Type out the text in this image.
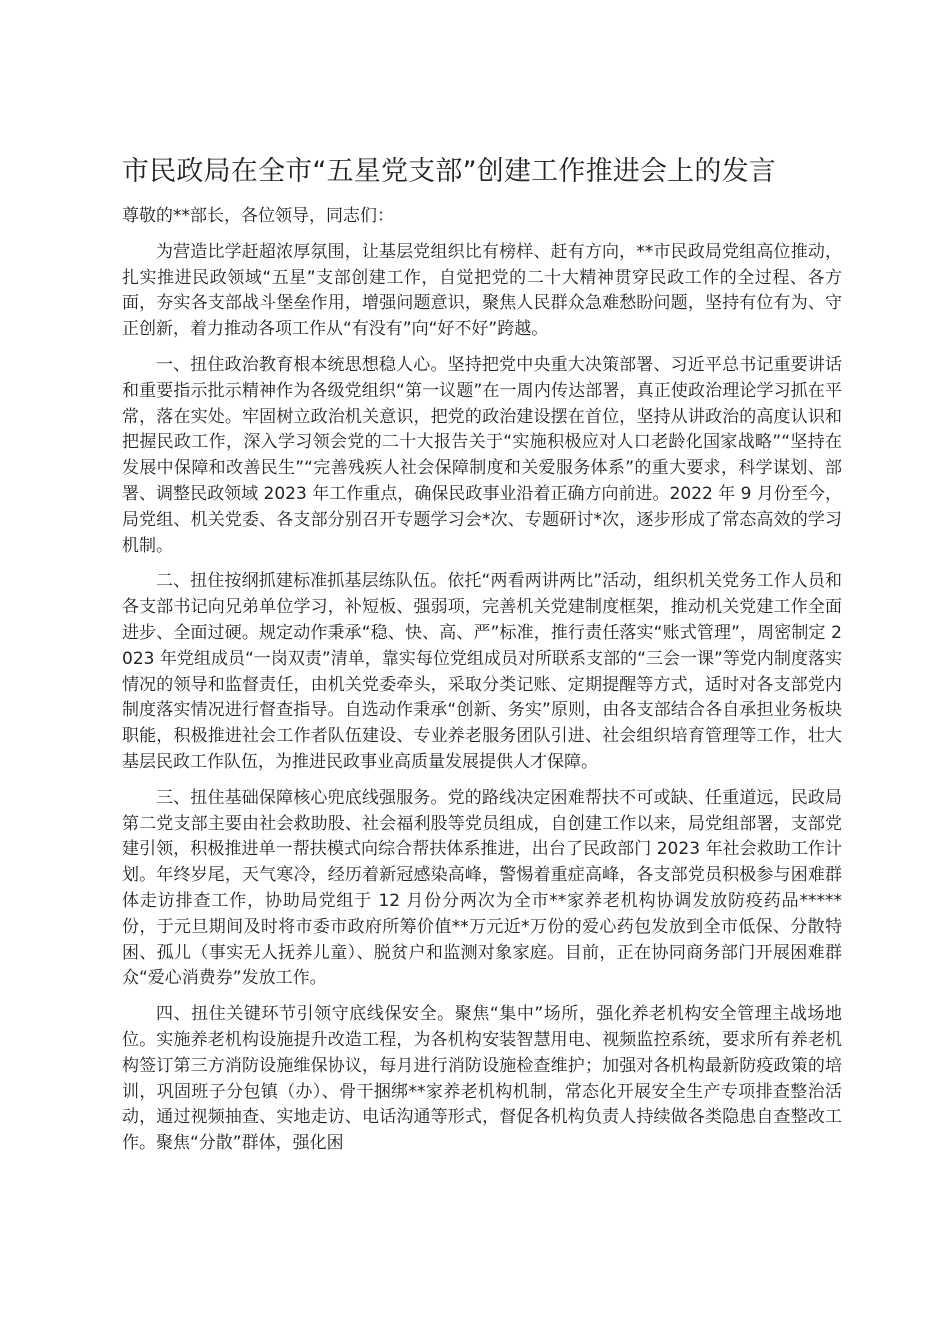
市民政局在全市“五星党支部”创建工作推进会上的发言

尊敬的**部长，各位领导，同志们：

为营造比学赶超浓厚氛围，让基层党组织比有榜样、赶有方向，**市民政局党组高位推动，扎实推进民政领域“五星”支部创建工作，自觉把党的二十大精神贯穿民政工作的全过程、各方面，夯实各支部战斗堡垒作用，增强问题意识，聚焦人民群众急难愁盼问题，坚持有位有为、守正创新，着力推动各项工作从“有没有”向“好不好”跨越。

一、扭住政治教育根本统思想稳人心。坚持把党中央重大决策部署、习近平总书记重要讲话和重要指示批示精神作为各级党组织“第一议题”在一周内传达部署，真正使政治理论学习抓在平常，落在实处。牢固树立政治机关意识，把党的政治建设摆在首位，坚持从讲政治的高度认识和把握民政工作，深入学习领会党的二十大报告关于“实施积极应对人口老龄化国家战略”“坚持在发展中保障和改善民生”“完善残疾人社会保障制度和关爱服务体系”的重大要求，科学谋划、部署、调整民政领域 2023 年工作重点，确保民政事业沿着正确方向前进。2022 年 9 月份至今，局党组、机关党委、各支部分别召开专题学习会*次、专题研讨*次，逐步形成了常态高效的学习机制。

二、扭住按纲抓建标准抓基层练队伍。依托“两看两讲两比”活动，组织机关党务工作人员和各支部书记向兄弟单位学习，补短板、强弱项，完善机关党建制度框架，推动机关党建工作全面进步、全面过硬。规定动作秉承“稳、快、高、严”标准，推行责任落实“账式管理”，周密制定 2023 年党组成员“一岗双责”清单，靠实每位党组成员对所联系支部的“三会一课”等党内制度落实情况的领导和监督责任，由机关党委牵头，采取分类记账、定期提醒等方式，适时对各支部党内制度落实情况进行督查指导。自选动作秉承“创新、务实”原则，由各支部结合各自承担业务板块职能，积极推进社会工作者队伍建设、专业养老服务团队引进、社会组织培育管理等工作，壮大基层民政工作队伍，为推进民政事业高质量发展提供人才保障。

三、扭住基础保障核心兜底线强服务。党的路线决定困难帮扶不可或缺、任重道远，民政局第二党支部主要由社会救助股、社会福利股等党员组成，自创建工作以来，局党组部署，支部党建引领，积极推进单一帮扶模式向综合帮扶体系推进，出台了民政部门 2023 年社会救助工作计划。年终岁尾，天气寒冷，经历着新冠感染高峰，警惕着重症高峰，各支部党员积极参与困难群体走访排查工作，协助局党组于 12 月份分两次为全市**家养老机构协调发放防疫药品*****份，于元旦期间及时将市委市政府所筹价值**万元近*万份的爱心药包发放到全市低保、分散特困、孤儿（事实无人抚养儿童）、脱贫户和监测对象家庭。目前，正在协同商务部门开展困难群众“爱心消费券”发放工作。

四、扭住关键环节引领守底线保安全。聚焦“集中”场所，强化养老机构安全管理主战场地位。实施养老机构设施提升改造工程，为各机构安装智慧用电、视频监控系统，要求所有养老机构签订第三方消防设施维保协议，每月进行消防设施检查维护；加强对各机构最新防疫政策的培训，巩固班子分包镇（办）、骨干捆绑**家养老机构机制，常态化开展安全生产专项排查整治活动，通过视频抽查、实地走访、电话沟通等形式，督促各机构负责人持续做各类隐患自查整改工作。聚焦“分散”群体，强化困
